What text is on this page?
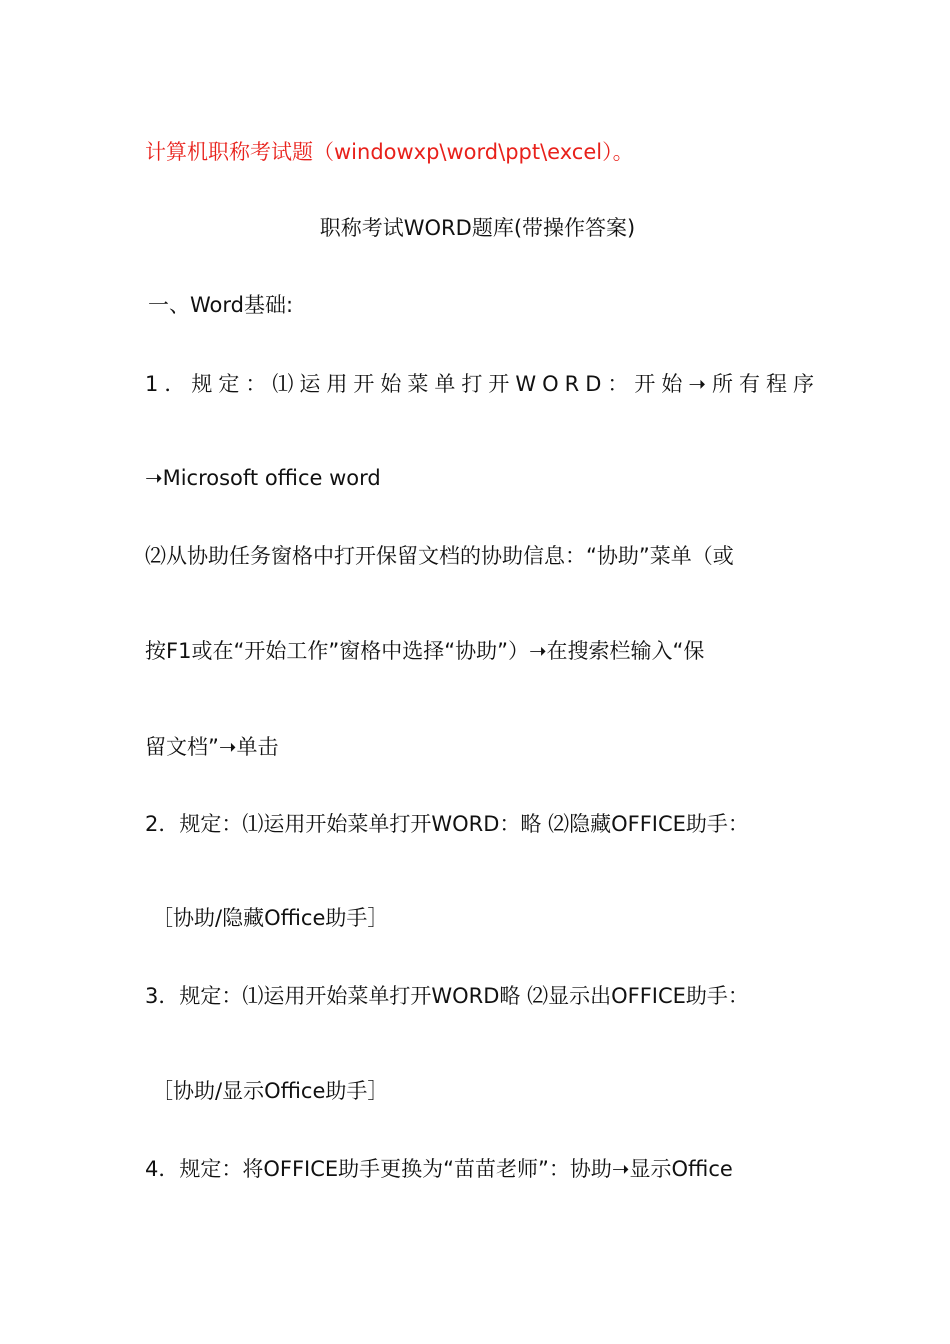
计算机职称考试题（windowxp\word\ppt\excel）。
职称考试WORD题库(带操作答案)
一、Word基础:
1．规定：⑴运用开始菜单打开WORD：开始➝所有程序
➝Microsoft office word
⑵从协助任务窗格中打开保留文档的协助信息：“协助”菜单（或
按F1或在“开始工作”窗格中选择“协助”）➝在搜索栏输入“保
留文档”➝单击
2．规定：⑴运用开始菜单打开WORD：略 ⑵隐藏OFFICE助手：
［协助/隐藏Office助手］
3．规定：⑴运用开始菜单打开WORD略 ⑵显示出OFFICE助手：
［协助/显示Office助手］
4．规定：将OFFICE助手更换为“苗苗老师”：协助➝显示Office
